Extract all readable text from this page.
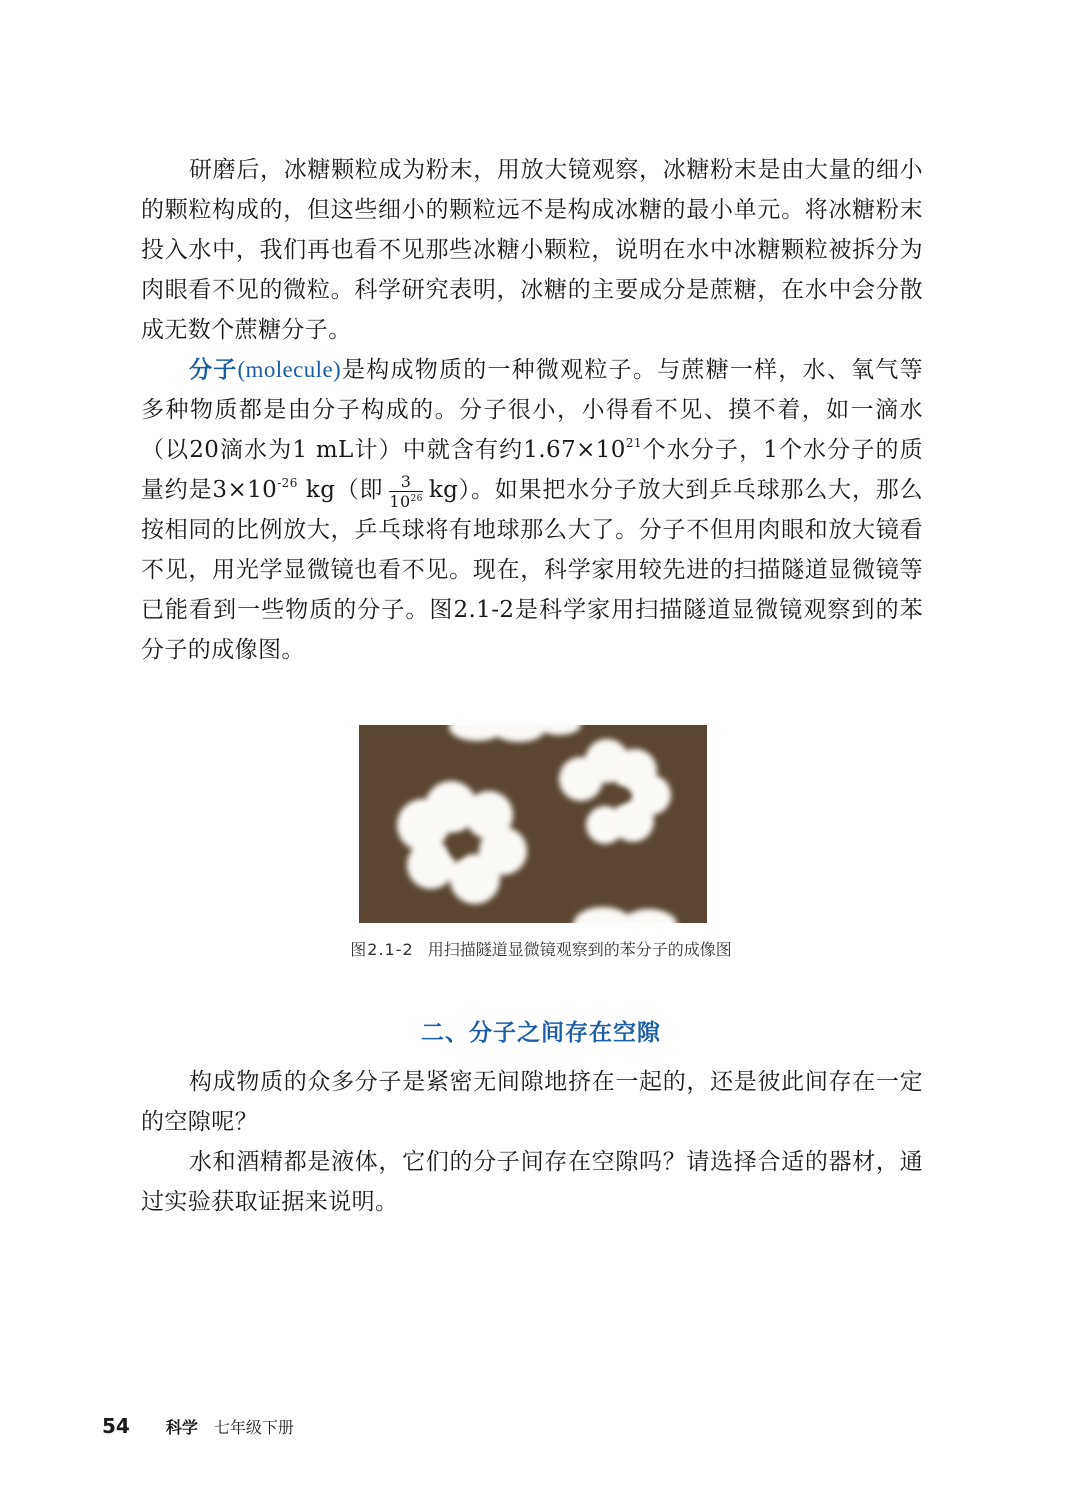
研磨后，冰糖颗粒成为粉末，用放大镜观察，冰糖粉末是由大量的细小的颗粒构成的，但这些细小的颗粒远不是构成冰糖的最小单元。将冰糖粉末投入水中，我们再也看不见那些冰糖小颗粒，说明在水中冰糖颗粒被拆分为肉眼看不见的微粒。科学研究表明，冰糖的主要成分是蔗糖，在水中会分散成无数个蔗糖分子。

分子(molecule)是构成物质的一种微观粒子。与蔗糖一样，水、氧气等多种物质都是由分子构成的。分子很小，小得看不见、摸不着，如一滴水（以20滴水为1 mL计）中就含有约$1.67\times 10^{21}$个水分子，1个水分子的质量约是$3\times 10^{-26}$ kg（即 $\frac{3}{10^{26}} kg$）。如果把水分子放大到乒乓球那么大，那么按相同的比例放大，乒乓球将有地球那么大了。分子不但用肉眼和放大镜看不见，用光学显微镜也看不见。现在，科学家用较先进的扫描隧道显微镜等已能看到一些物质的分子。图2.1-2是科学家用扫描隧道显微镜观察到的苯分子的成像图。

图2.1-2 用扫描隧道显微镜观察到的苯分子的成像图
二、分子之间存在空隙

构成物质的众多分子是紧密无间隙地挤在一起的，还是彼此间存在一定的空隙呢？

水和酒精都是液体，它们的分子间存在空隙吗？请选择合适的器材，通过实验获取证据来说明。

54 科学 七年级下册
